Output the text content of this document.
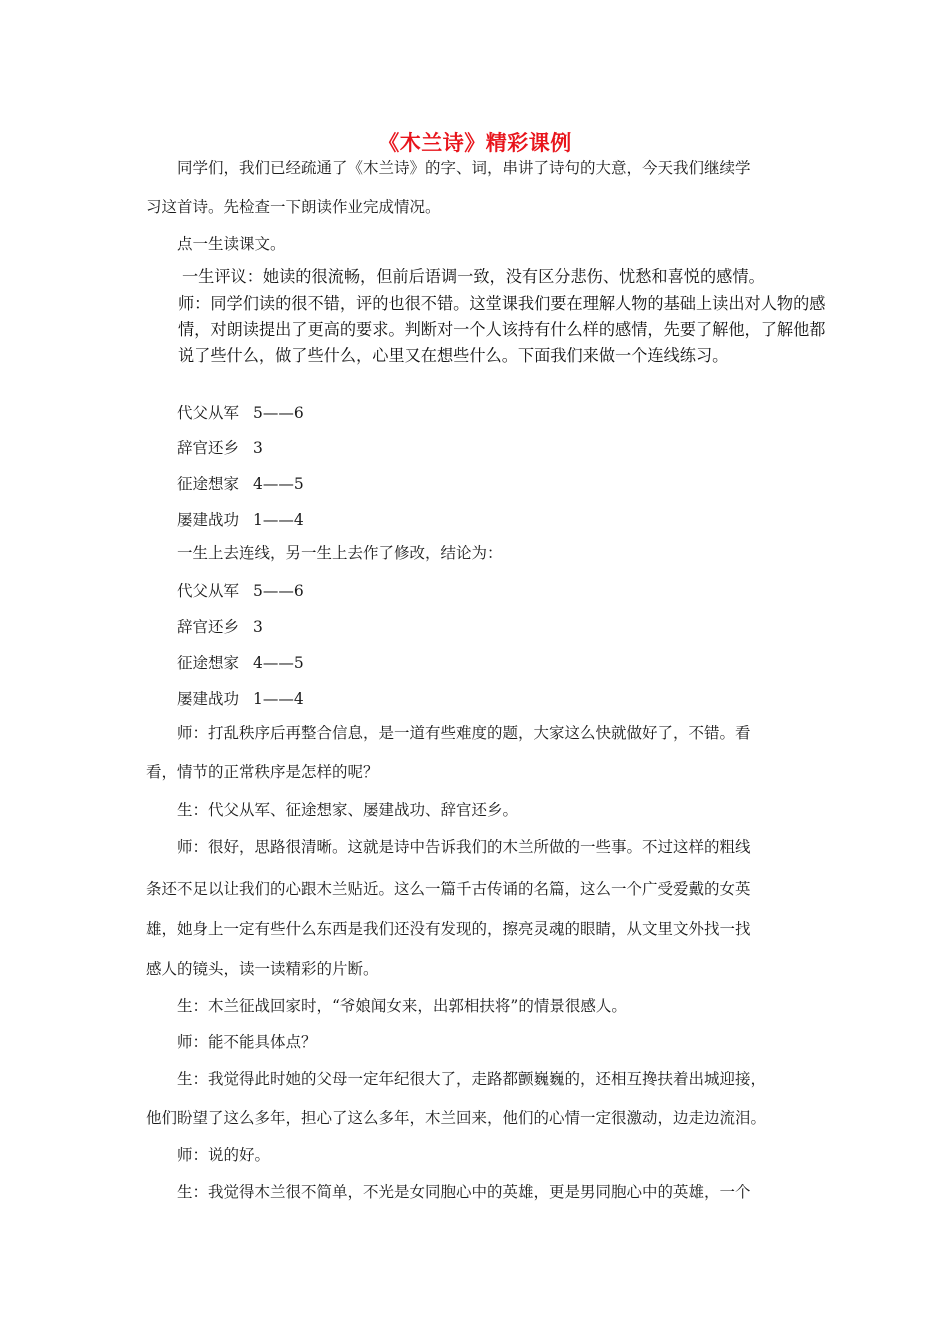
《木兰诗》精彩课例
同学们，我们已经疏通了《木兰诗》的字、词，串讲了诗句的大意，今天我们继续学
习这首诗。先检查一下朗读作业完成情况。
点一生读课文。
一生评议：她读的很流畅，但前后语调一致，没有区分悲伤、忧愁和喜悦的感情。
师：同学们读的很不错，评的也很不错。这堂课我们要在理解人物的基础上读出对人物的感
情，对朗读提出了更高的要求。判断对一个人该持有什么样的感情，先要了解他，了解他都
说了些什么，做了些什么，心里又在想些什么。下面我们来做一个连线练习。
代父从军 5——6
辞官还乡 3
征途想家 4——5
屡建战功 1——4
一生上去连线，另一生上去作了修改，结论为：
代父从军 5——6
辞官还乡 3
征途想家 4——5
屡建战功 1——4
师：打乱秩序后再整合信息，是一道有些难度的题，大家这么快就做好了，不错。看
看，情节的正常秩序是怎样的呢？
生：代父从军、征途想家、屡建战功、辞官还乡。
师：很好，思路很清晰。这就是诗中告诉我们的木兰所做的一些事。不过这样的粗线
条还不足以让我们的心跟木兰贴近。这么一篇千古传诵的名篇，这么一个广受爱戴的女英
雄，她身上一定有些什么东西是我们还没有发现的，擦亮灵魂的眼睛，从文里文外找一找
感人的镜头，读一读精彩的片断。
生：木兰征战回家时，“爷娘闻女来，出郭相扶将”的情景很感人。
师：能不能具体点？
生：我觉得此时她的父母一定年纪很大了，走路都颤巍巍的，还相互搀扶着出城迎接，
他们盼望了这么多年，担心了这么多年，木兰回来，他们的心情一定很激动，边走边流泪。
师：说的好。
生：我觉得木兰很不简单，不光是女同胞心中的英雄，更是男同胞心中的英雄，一个
